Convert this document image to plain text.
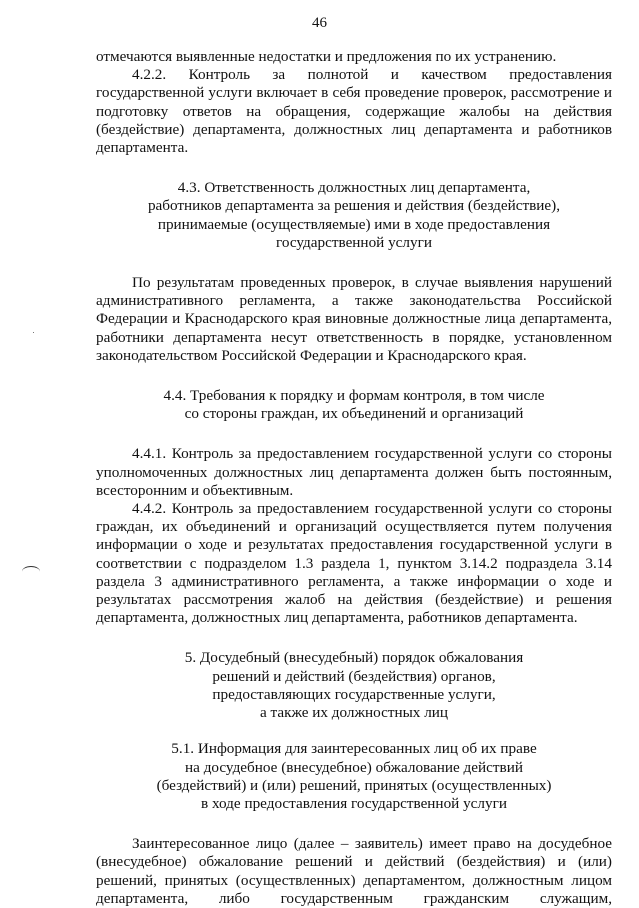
46

отмечаются выявленные недостатки и предложения по их устранению.

4.2.2. Контроль за полнотой и качеством предоставления государственной услуги включает в себя проведение проверок, рассмотрение и подготовку ответов на обращения, содержащие жалобы на действия (бездействие) департамента, должностных лиц департамента и работников департамента.

4.3. Ответственность должностных лиц департамента,

работников департамента за решения и действия (бездействие),

принимаемые (осуществляемые) ими в ходе предоставления

государственной услуги

По результатам проведенных проверок, в случае выявления нарушений административного регламента, а также законодательства Российской Федерации и Краснодарского края виновные должностные лица департамента, работники департамента несут ответственность в порядке, установленном законодательством Российской Федерации и Краснодарского края.

4.4. Требования к порядку и формам контроля, в том числе

со стороны граждан, их объединений и организаций

4.4.1. Контроль за предоставлением государственной услуги со стороны уполномоченных должностных лиц департамента должен быть постоянным, всесторонним и объективным.

4.4.2. Контроль за предоставлением государственной услуги со стороны граждан, их объединений и организаций осуществляется путем получения информации о ходе и результатах предоставления государственной услуги в соответствии с подразделом 1.3 раздела 1, пунктом 3.14.2 подраздела 3.14 раздела 3 административного регламента, а также информации о ходе и результатах рассмотрения жалоб на действия (бездействие) и решения департамента, должностных лиц департамента, работников департамента.

5. Досудебный (внесудебный) порядок обжалования

решений и действий (бездействия) органов,

предоставляющих государственные услуги,

а также их должностных лиц

5.1. Информация для заинтересованных лиц об их праве

на досудебное (внесудебное) обжалование действий

(бездействий) и (или) решений, принятых (осуществленных)

в ходе предоставления государственной услуги

Заинтересованное лицо (далее – заявитель) имеет право на досудебное (внесудебное) обжалование решений и действий (бездействия) и (или) решений, принятых (осуществленных) департаментом, должностным лицом департамента, либо государственным гражданским служащим,
